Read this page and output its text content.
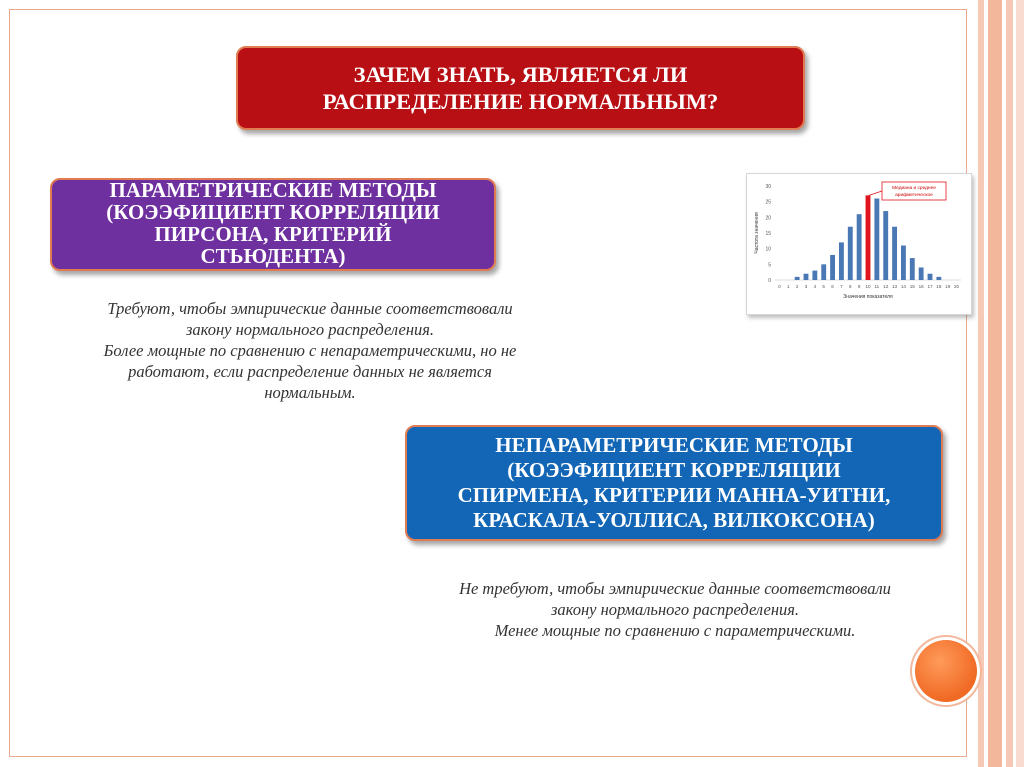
ЗАЧЕМ ЗНАТЬ, ЯВЛЯЕТСЯ ЛИ
РАСПРЕДЕЛЕНИЕ НОРМАЛЬНЫМ?
ПАРАМЕТРИЧЕСКИЕ МЕТОДЫ
(КОЭЭФИЦИЕНТ КОРРЕЛЯЦИИ
ПИРСОНА, КРИТЕРИЙ
СТЬЮДЕНТА)
Требуют, чтобы эмпирические данные соответствовали
закону нормального распределения.
Более мощные по сравнению с непараметрическими, но не
работают, если распределение данных не является
нормальным.
30
25
20
15
10
5
0
0 1 2 3 4 5 6 7 8 9 10 11 12 13 14 15 16 17 18 19 20
Значения показателя
Частота значения
Медиана и среднее
арифметическое
НЕПАРАМЕТРИЧЕСКИЕ МЕТОДЫ
(КОЭЭФИЦИЕНТ КОРРЕЛЯЦИИ
СПИРМЕНА, КРИТЕРИИ МАННА-УИТНИ,
КРАСКАЛА-УОЛЛИСА, ВИЛКОКСОНА)
Не требуют, чтобы эмпирические данные соответствовали
закону нормального распределения.
Менее мощные по сравнению с параметрическими.
